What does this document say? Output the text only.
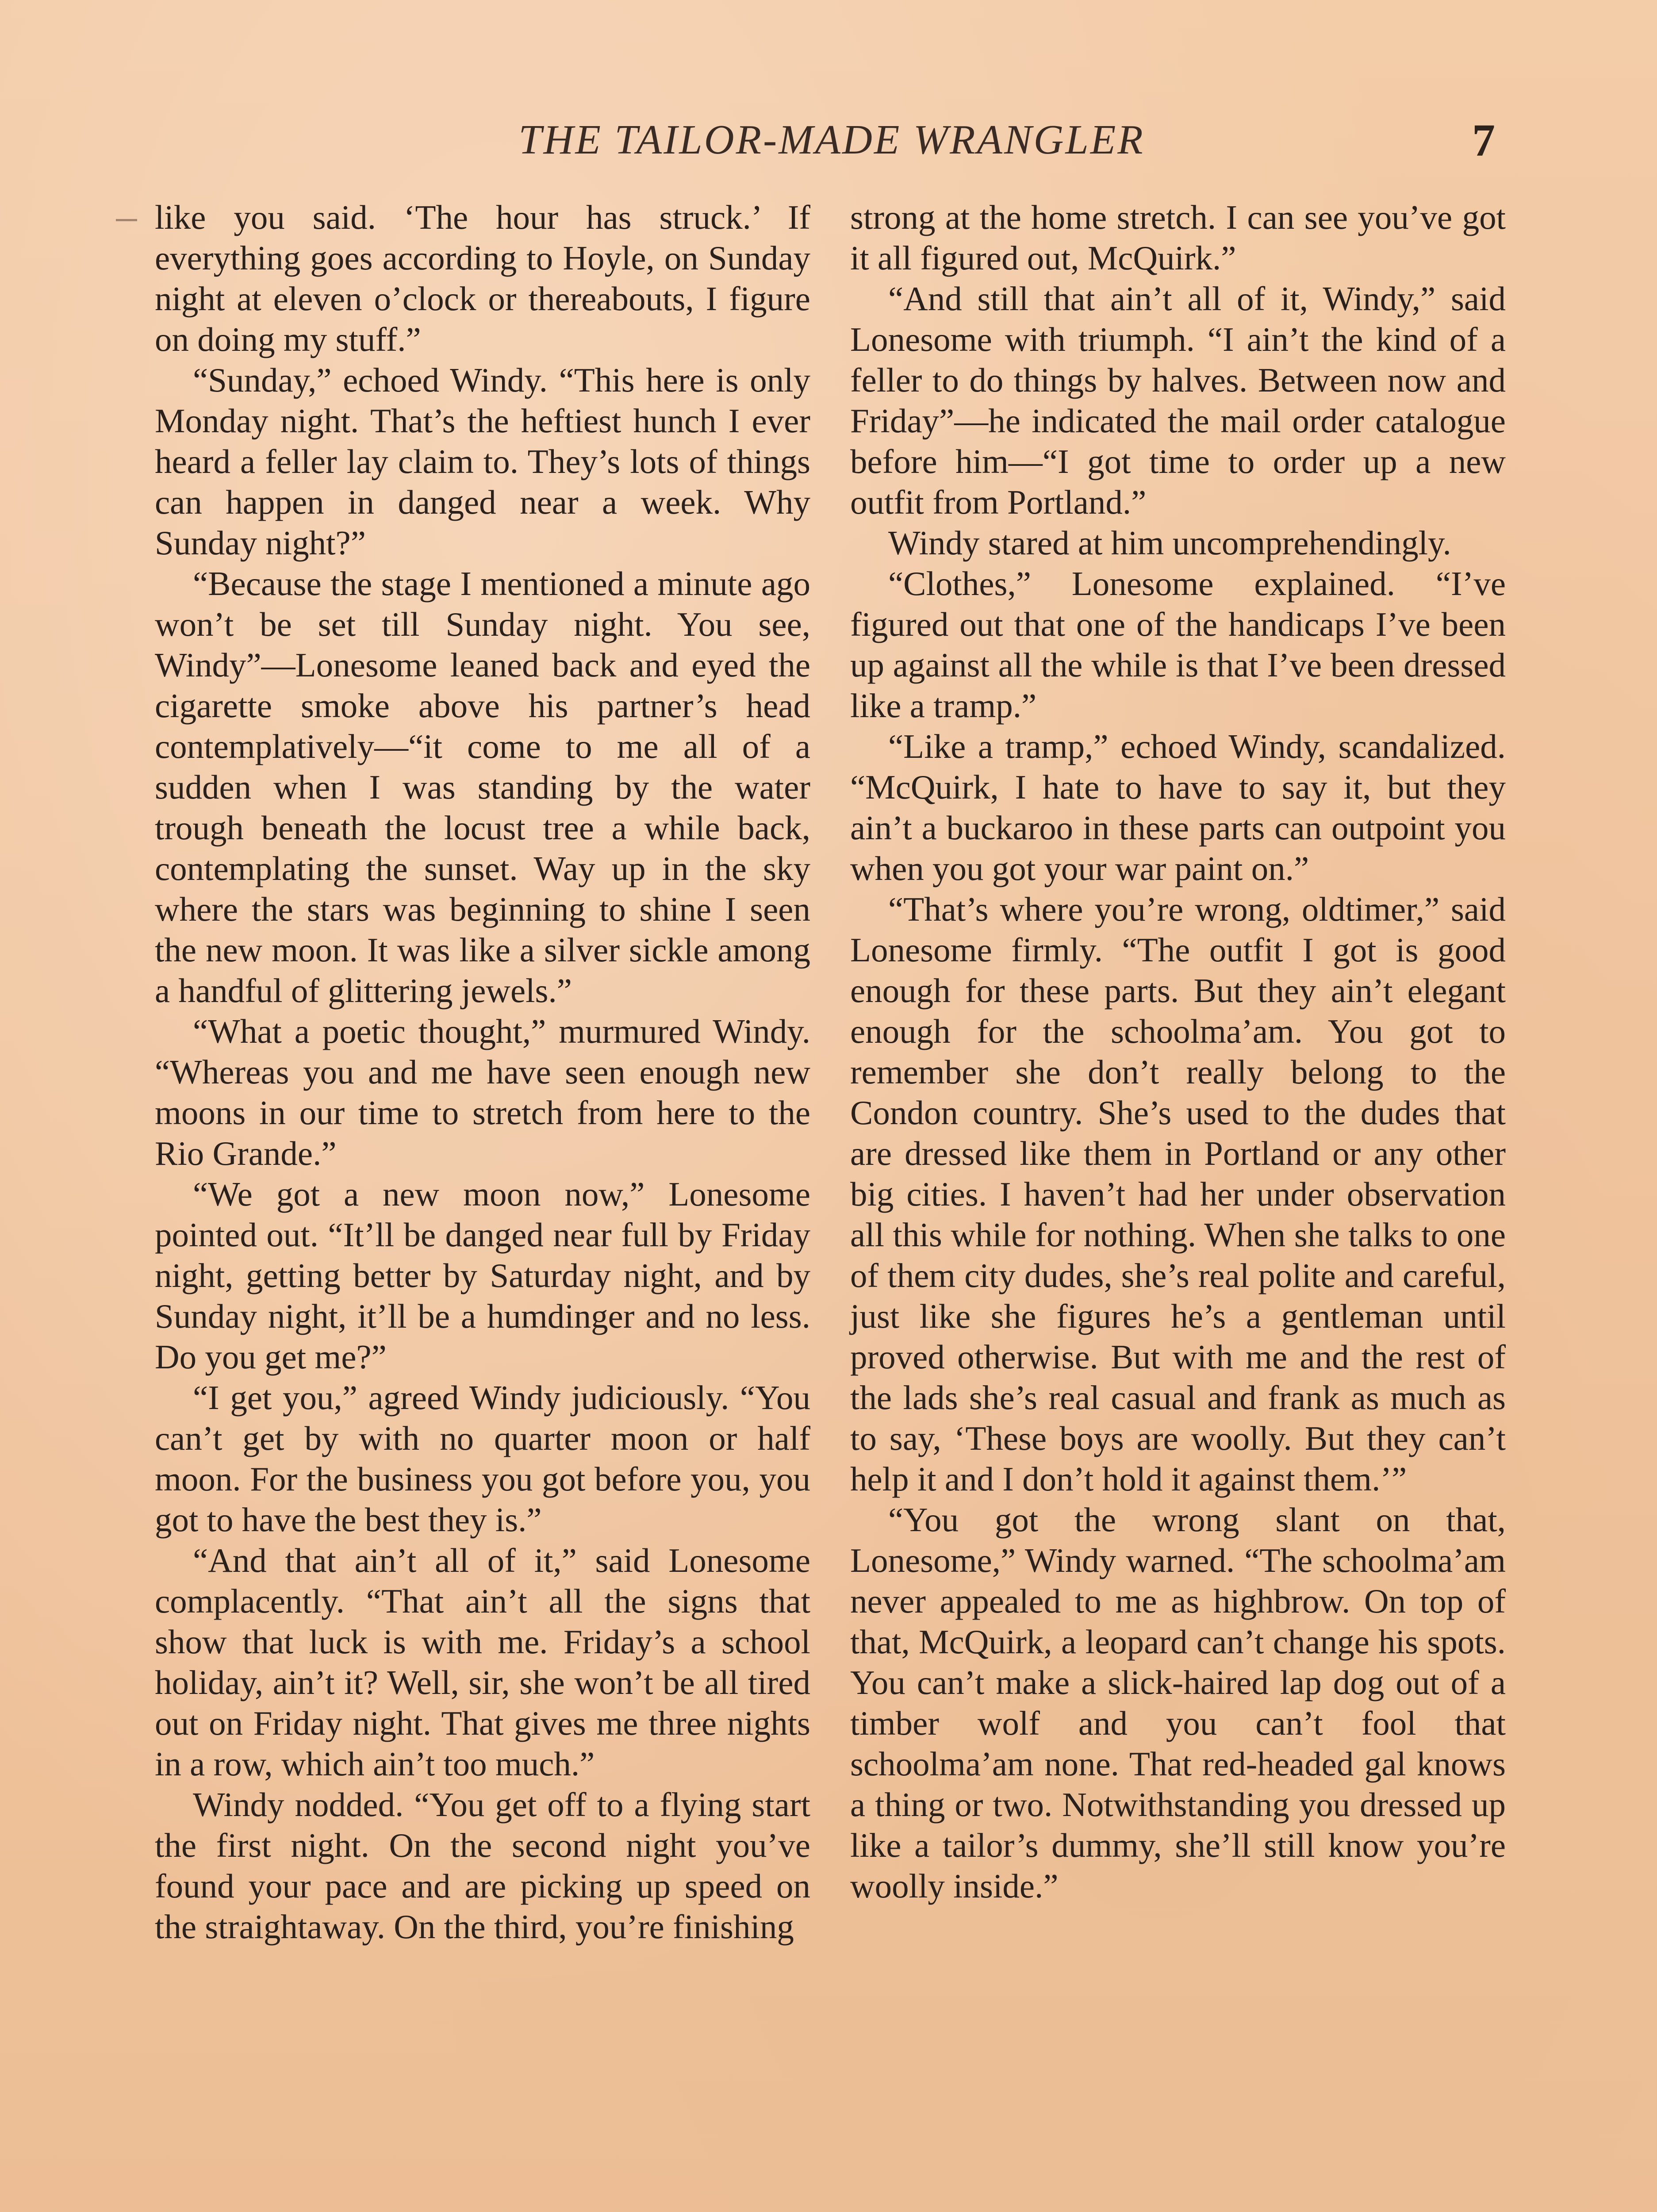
THE TAILOR-MADE WRANGLER	7

like you said. ‘The hour has struck.’ If everything goes according to Hoyle, on Sunday night at eleven o’clock or thereabouts, I figure on doing my stuff.”

“Sunday,” echoed Windy. “This here is only Monday night. That’s the heftiest hunch I ever heard a feller lay claim to. They’s lots of things can happen in danged near a week. Why Sunday night?”

“Because the stage I mentioned a minute ago won’t be set till Sunday night. You see, Windy”—Lonesome leaned back and eyed the cigarette smoke above his partner’s head contemplatively—“it come to me all of a sudden when I was standing by the water trough beneath the locust tree a while back, contemplating the sunset. Way up in the sky where the stars was beginning to shine I seen the new moon. It was like a silver sickle among a handful of glittering jewels.”

“What a poetic thought,” murmured Windy. “Whereas you and me have seen enough new moons in our time to stretch from here to the Rio Grande.”

“We got a new moon now,” Lonesome pointed out. “It’ll be danged near full by Friday night, getting better by Saturday night, and by Sunday night, it’ll be a humdinger and no less. Do you get me?”

“I get you,” agreed Windy judiciously. “You can’t get by with no quarter moon or half moon. For the business you got before you, you got to have the best they is.”

“And that ain’t all of it,” said Lonesome complacently. “That ain’t all the signs that show that luck is with me. Friday’s a school holiday, ain’t it? Well, sir, she won’t be all tired out on Friday night. That gives me three nights in a row, which ain’t too much.”

Windy nodded. “You get off to a flying start the first night. On the second night you’ve found your pace and are picking up speed on the straightaway. On the third, you’re finishing

strong at the home stretch. I can see you’ve got it all figured out, McQuirk.”

“And still that ain’t all of it, Windy,” said Lonesome with triumph. “I ain’t the kind of a feller to do things by halves. Between now and Friday”—he indicated the mail order catalogue before him—“I got time to order up a new outfit from Portland.”

Windy stared at him uncomprehendingly.

“Clothes,” Lonesome explained. “I’ve figured out that one of the handicaps I’ve been up against all the while is that I’ve been dressed like a tramp.”

“Like a tramp,” echoed Windy, scandalized. “McQuirk, I hate to have to say it, but they ain’t a buckaroo in these parts can outpoint you when you got your war paint on.”

“That’s where you’re wrong, oldtimer,” said Lonesome firmly. “The outfit I got is good enough for these parts. But they ain’t elegant enough for the schoolma’am. You got to remember she don’t really belong to the Condon country. She’s used to the dudes that are dressed like them in Portland or any other big cities. I haven’t had her under observation all this while for nothing. When she talks to one of them city dudes, she’s real polite and careful, just like she figures he’s a gentleman until proved otherwise. But with me and the rest of the lads she’s real casual and frank as much as to say, ‘These boys are woolly. But they can’t help it and I don’t hold it against them.’”

“You got the wrong slant on that, Lonesome,” Windy warned. “The schoolma’am never appealed to me as highbrow. On top of that, McQuirk, a leopard can’t change his spots. You can’t make a slick-haired lap dog out of a timber wolf and you can’t fool that schoolma’am none. That red-headed gal knows a thing or two. Notwithstanding you dressed up like a tailor’s dummy, she’ll still know you’re woolly inside.”
